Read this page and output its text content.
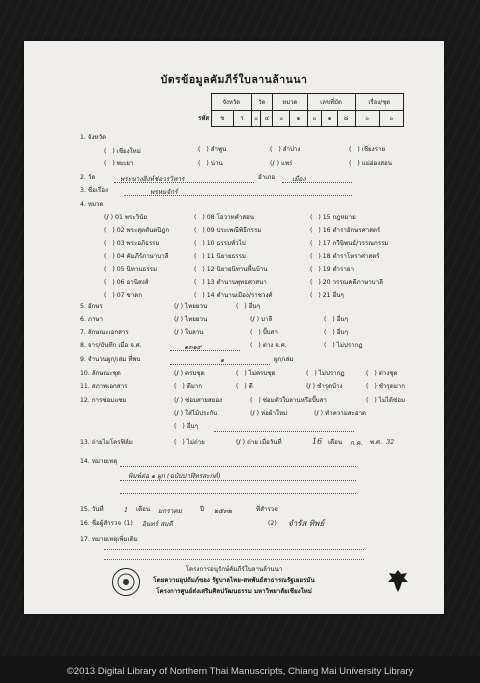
บัตรข้อมูลคัมภีร์ใบลานล้านนา
	จังหวัด		วัด		หมวด		เลขที่มัด			เรื่อง/ชุด	
รหัส	ช	ร	๐	๔	๐	๑	๐	๑	๘	๐	๐
1. จังหวัด
(   ) เชียงใหม่	(   ) ลำพูน	(   ) ลำปาง	(   ) เชียงราย
(   ) พะเยา	(   ) น่าน	(/ ) แพร่	(   ) แม่ฮ่องสอน
2. วัด	พระนางสิงห์ช่อวรวิหาร	อำเภอ	เมือง
3. ชื่อเรื่อง	พรหมจักร์
4. หมวด
(/ ) 01 พระวินัย
(   ) 02 พระสุตตันตปิฎก
(   ) 03 พระอภิธรรม
(   ) 04 คัมภีร์ภาษาบาลี
(   ) 05 นิทานธรรม
(   ) 06 อานิสงส์
(   ) 07 ชาดก
(   ) 08 โอวาทคำสอน
(   ) 09 ประเพณีพิธีกรรม
(   ) 10 ธรรมทั่วไป
(   ) 11 นิยายธรรม
(   ) 12 นิยายนิทานพื้นบ้าน
(   ) 13 ตำนานพุทธศาสนา
(   ) 14 ตำนานเมือง/ราชวงศ์
(   ) 15 กฎหมาย
(   ) 16 ตำราอักษรศาสตร์
(   ) 17 กวีนิพนธ์/วรรณกรรม
(   ) 18 ตำราโหราศาสตร์
(   ) 19 ตำรายา
(   ) 20 วรรณคดีภาษาบาลี
(   ) 21 อื่นๆ
5. อักษร	(/ ) ไทยยวน	(   ) อื่นๆ
6. ภาษา	(/ ) ไทยยวน	(/ ) บาลี	(   ) อื่นๆ
7. ลักษณะเอกสาร	(/ ) ใบลาน	(   ) ปั๊บสา	(   ) อื่นๆ
8. จาร/บันทึก เมื่อ จ.ศ.	๑๓๑๙	(   ) ต่าง จ.ศ.	(   ) ไม่ปรากฏ
9. จำนวนผูก/เล่ม ที่พบ	๑	ผูก/เล่ม
10. ลักษณะชุด	(/ ) ครบชุด	(   ) ไม่ครบชุด	(   ) ไม่ปรากฏ	(   ) ต่างชุด
11. สภาพเอกสาร	(   ) ดีมาก	(   ) ดี	(/ ) ชำรุดบ้าง	(   ) ชำรุดมาก
12. การซ่อมแซม	(/ ) ซ่อมสายสยอง	(   ) ซ่อมตัวใบลานหรือปั๊บสา	(   ) ไม่ได้ซ่อม
(/ ) ใส่ไม้ประกับ	(/ ) ห่อผ้าใหม่	(/ ) ทำความสะอาด
(   ) อื่นๆ
13. ถ่ายไมโครฟิล์ม	(   ) ไม่ถ่าย	(/ ) ถ่าย เมื่อวันที่	16 เดือน ก.ค. พ.ศ. 32
14. หมายเหตุ
พิมพ์ต่อ ๑ ผูก (ฉบับปาฬิทรสะกด์)
15. วันที่	1 เดือน มกราคม	ปี ๒๕๓๒	ที่สำรวจ
16. ชื่อผู้สำรวจ (1) อินทร์ สมดี	(2) จำรัส ทิพย์
17. หมายเหตุเพิ่มเติม
โครงการอนุรักษ์คัมภีร์ใบลานล้านนา
โดยความอุปถัมภ์ของ รัฐบาลไทย-สหพันธ์สาธารณรัฐเยอรมัน
โครงการศูนย์ส่งเสริมศิลปวัฒนธรรม มหาวิทยาลัยเชียงใหม่
©2013 Digital Library of Northern Thai Manuscripts, Chiang Mai University Library
